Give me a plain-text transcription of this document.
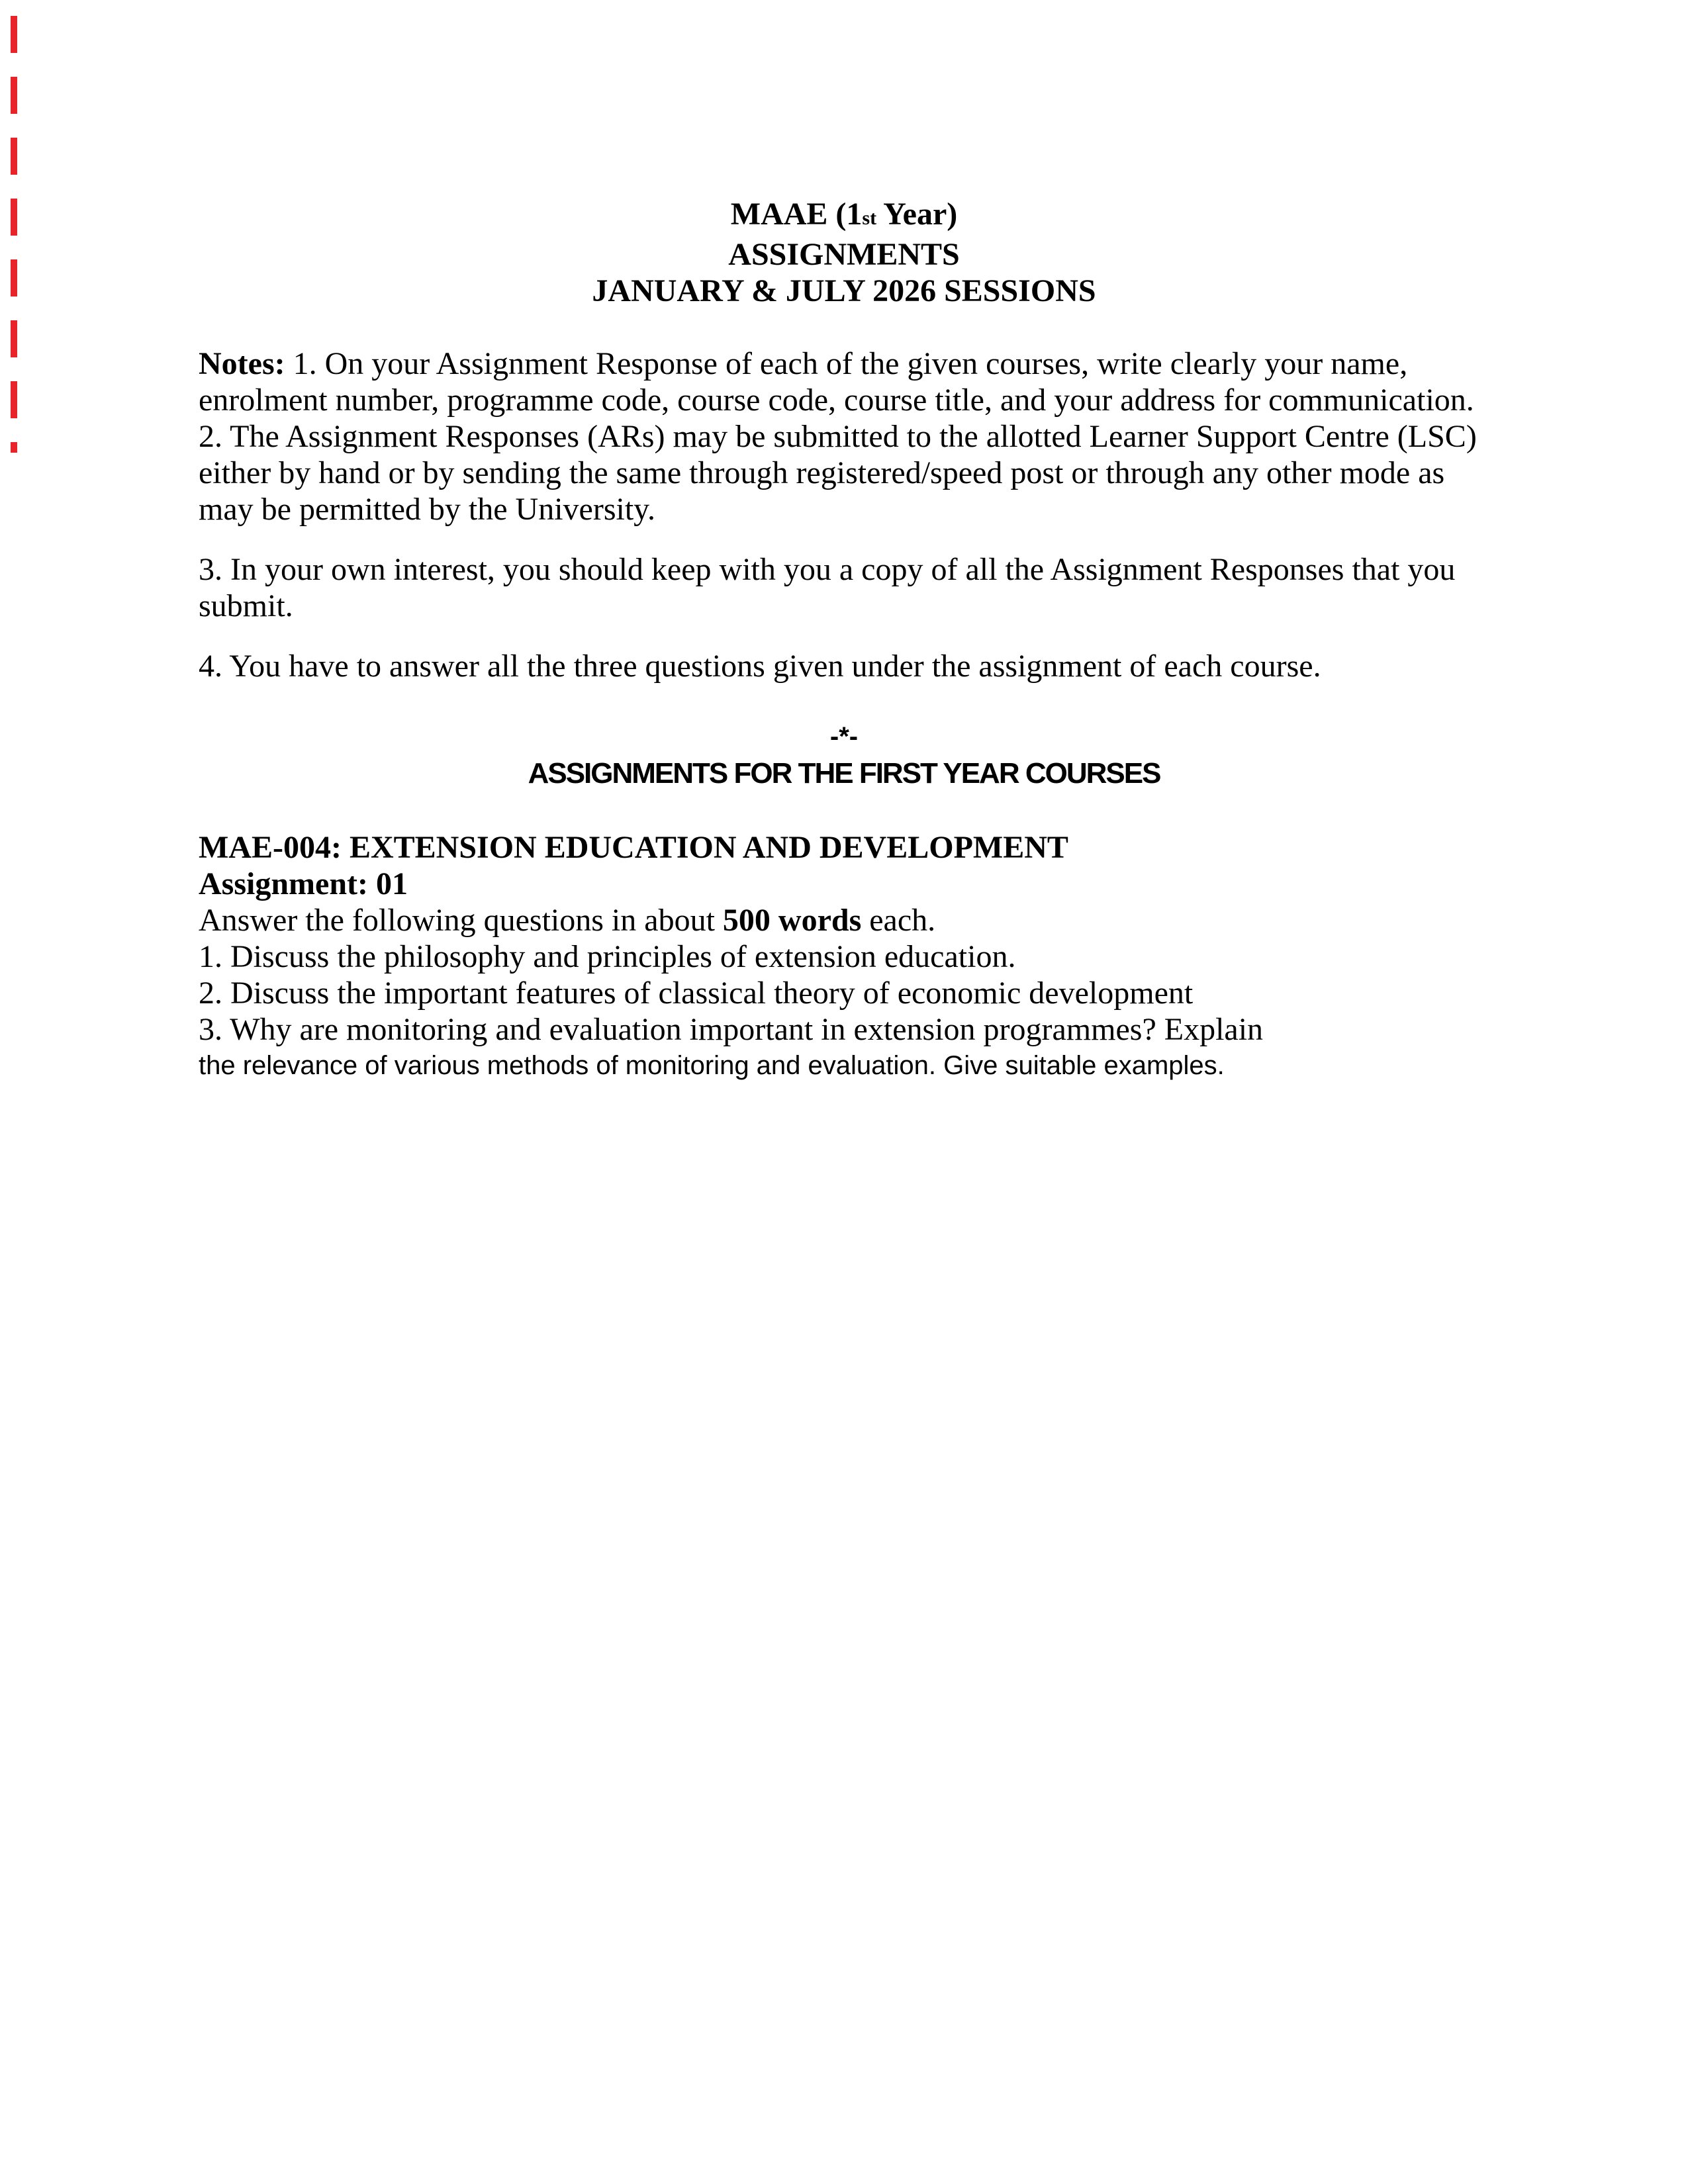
MAAE (1st Year)
ASSIGNMENTS
JANUARY & JULY 2026 SESSIONS
Notes: 1. On your Assignment Response of each of the given courses, write clearly your name,
enrolment number, programme code, course code, course title, and your address for communication.
2. The Assignment Responses (ARs) may be submitted to the allotted Learner Support Centre (LSC)
either by hand or by sending the same through registered/speed post or through any other mode as
may be permitted by the University.
3. In your own interest, you should keep with you a copy of all the Assignment Responses that you
submit.
4. You have to answer all the three questions given under the assignment of each course.
-*-
ASSIGNMENTS FOR THE FIRST YEAR COURSES
MAE-004: EXTENSION EDUCATION AND DEVELOPMENT
Assignment: 01
Answer the following questions in about 500 words each.
1. Discuss the philosophy and principles of extension education.
2. Discuss the important features of classical theory of economic development
3. Why are monitoring and evaluation important in extension programmes? Explain
the relevance of various methods of monitoring and evaluation. Give suitable examples.
